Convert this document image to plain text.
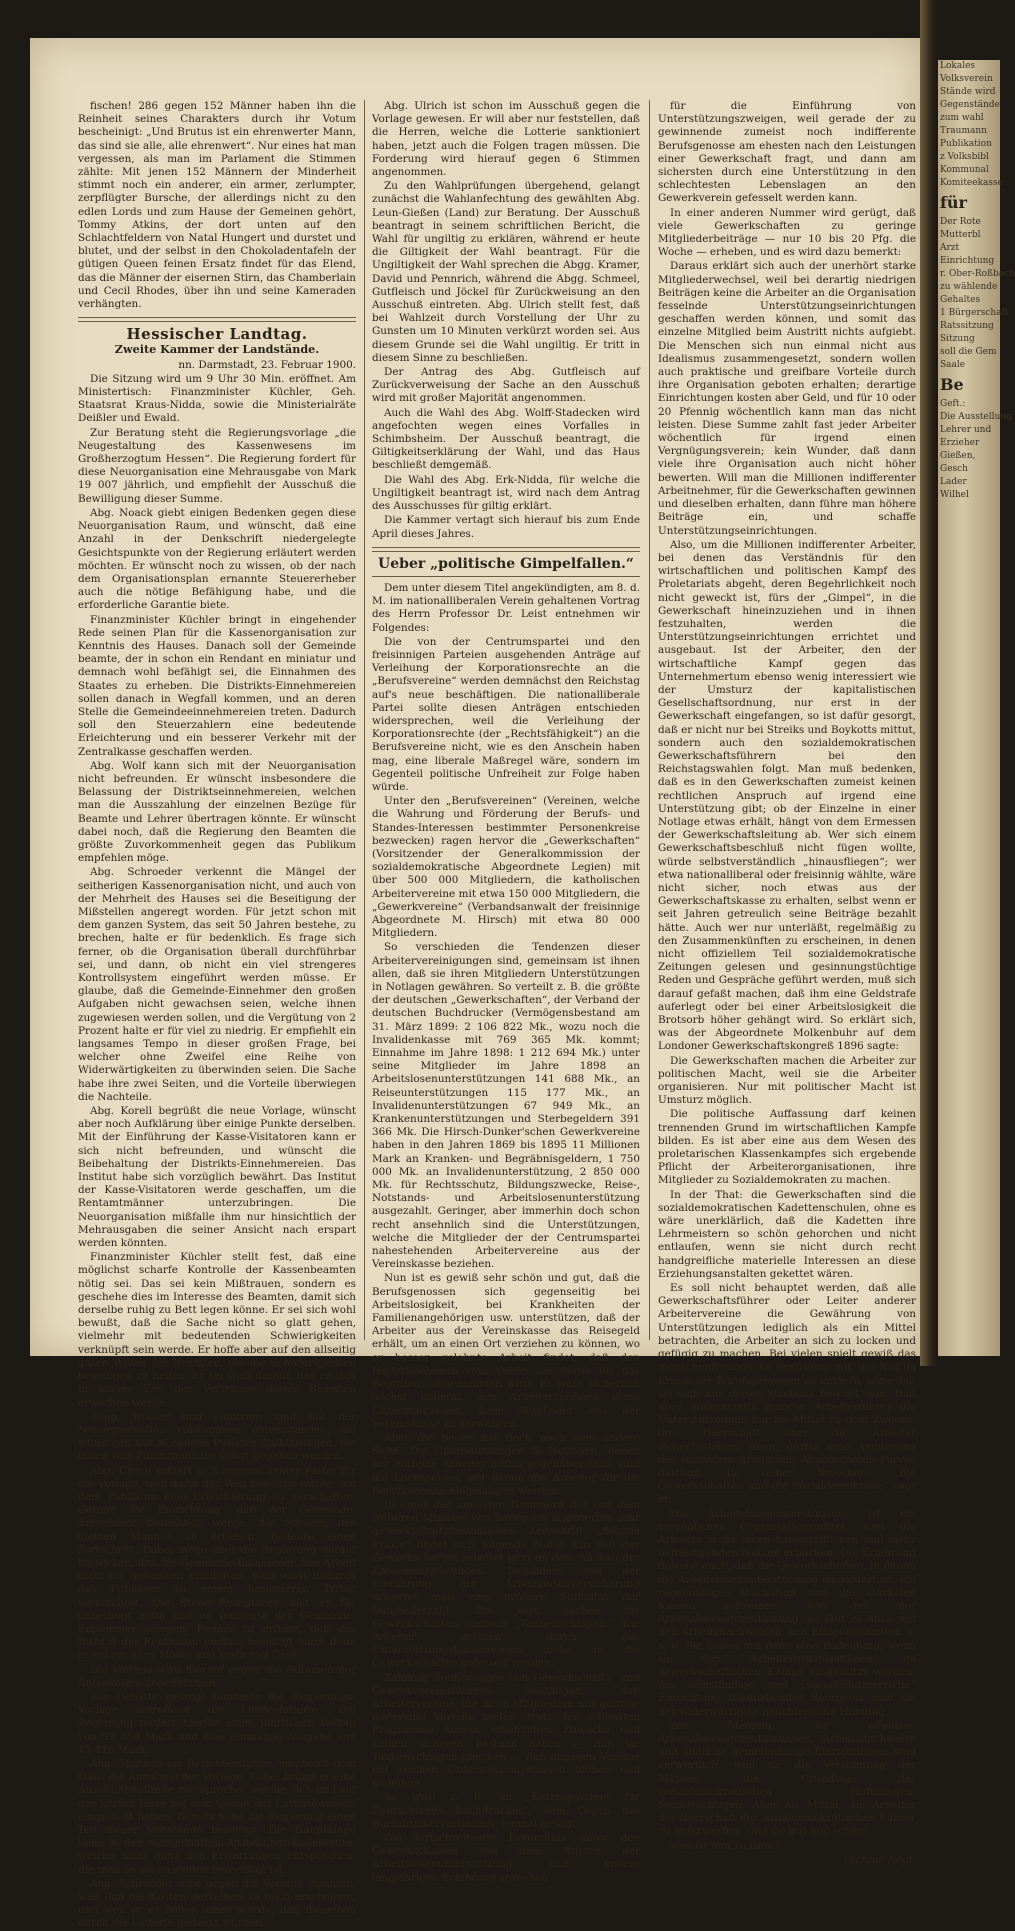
Lokales
Volksverein
Stände wird
Gegenstände
zum wahl
Traumann
Publikation
z Volksbibl
Kommunal
Komiteekasse
für
Der Rote
Mutterbl
Arzt
Einrichtung
r. Ober-Roßbach
zu wählende
Gehaltes
1 Bürgerschaft
Ratssitzung
Sitzung
soll die Gem
Saale
Be
Geft.:
Die Ausstellung
Lehrer und
Erzieher
Gießen,
Gesch
Lader
Wilhel

fischen! 286 gegen 152 Männer haben ihn die Reinheit seines Charakters durch ihr Votum bescheinigt: „Und Brutus ist ein ehrenwerter Mann, das sind sie alle, alle ehrenwert“. Nur eines hat man vergessen, als man im Parlament die Stimmen zählte: Mit jenen 152 Männern der Minderheit stimmt noch ein anderer, ein armer, zerlumpter, zerpflügter Bursche, der allerdings nicht zu den edlen Lords und zum Hause der Gemeinen gehört, Tommy Atkins, der dort unten auf den Schlachtfeldern von Natal Hungert und durstet und blutet, und der selbst in den Chokoladentafeln der gütigen Queen feinen Ersatz findet für das Elend, das die Männer der eisernen Stirn, das Chamberlain und Cecil Rhodes, über ihn und seine Kameraden verhängten.

Hessischer Landtag.
Zweite Kammer der Landstände.

nn. Darmstadt, 23. Februar 1900.

Die Sitzung wird um 9 Uhr 30 Min. eröffnet. Am Ministertisch: Finanzminister Küchler, Geh. Staatsrat Kraus-Nidda, sowie die Ministerialräte Deißler und Ewald.

Zur Beratung steht die Regierungsvorlage „die Neugestaltung des Kassenwesens im Großherzogtum Hessen“. Die Regierung fordert für diese Neuorganisation eine Mehrausgabe von Mark 19 007 jährlich, und empfiehlt der Ausschuß die Bewilligung dieser Summe.

Abg. Noack giebt einigen Bedenken gegen diese Neuorganisation Raum, und wünscht, daß eine Anzahl in der Denkschrift niedergelegte Gesichtspunkte von der Regierung erläutert werden möchten. Er wünscht noch zu wissen, ob der nach dem Organisationsplan ernannte Steuererheber auch die nötige Befähigung habe, und die erforderliche Garantie biete.

Finanzminister Küchler bringt in eingehender Rede seinen Plan für die Kassenorganisation zur Kenntnis des Hauses. Danach soll der Gemeinde beamte, der in schon ein Rendant en miniatur und demnach wohl befähigt sei, die Einnahmen des Staates zu erheben. Die Distrikts-Einnehmereien sollen danach in Wegfall kommen, und an deren Stelle die Gemeindeeinnehmereien treten. Dadurch soll den Steuerzahlern eine bedeutende Erleichterung und ein besserer Verkehr mit der Zentralkasse geschaffen werden.

Abg. Wolf kann sich mit der Neuorganisation nicht befreunden. Er wünscht insbesondere die Belassung der Distriktseinnehmereien, welchen man die Ausszahlung der einzelnen Bezüge für Beamte und Lehrer übertragen könnte. Er wünscht dabei noch, daß die Regierung den Beamten die größte Zuvorkommenheit gegen das Publikum empfehlen möge.

Abg. Schroeder verkennt die Mängel der seitherigen Kassenorganisation nicht, und auch von der Mehrheit des Hauses sei die Beseitigung der Mißstellen angeregt worden. Für jetzt schon mit dem ganzen System, das seit 50 Jahren bestehe, zu brechen, halte er für bedenklich. Es frage sich ferner, ob die Organisation überall durchführbar sei, und dann, ob nicht ein viel strengeres Kontrollsystem eingeführt werden müsse. Er glaube, daß die Gemeinde-Einnehmer den großen Aufgaben nicht gewachsen seien, welche ihnen zugewiesen werden sollen, und die Vergütung von 2 Prozent halte er für viel zu niedrig. Er empfiehlt ein langsames Tempo in dieser großen Frage, bei welcher ohne Zweifel eine Reihe von Widerwärtigkeiten zu überwinden seien. Die Sache habe ihre zwei Seiten, und die Vorteile überwiegen die Nachteile.

Abg. Korell begrüßt die neue Vorlage, wünscht aber noch Aufklärung über einige Punkte derselben. Mit der Einführung der Kasse-Visitatoren kann er sich nicht befreunden, und wünscht die Beibehaltung der Distrikts-Einnehmereien. Das Institut habe sich vorzüglich bewährt. Das Institut der Kasse-Visitatoren werde geschaffen, um die Rentamtmänner unterzubringen. Die Neuorganisation mißfalle ihm nur hinsichtlich der Mehrausgaben die seiner Ansicht nach erspart werden könnten.

Finanzminister Küchler stellt fest, daß eine möglichst scharfe Kontrolle der Kassenbeamten nötig sei. Das sei kein Mißtrauen, sondern es geschehe dies im Interesse des Beamten, damit sich derselbe ruhig zu Bett legen könne. Er sei sich wohl bewußt, daß die Sache nicht so glatt gehen, vielmehr mit bedeutenden Schwierigkeiten verknüpft sein werde. Er hoffe aber auf den allseitig guten Willen der Beamten, um die Schwierigkeiten beseitigen zu helfen. Er sei stolz darauf, daß er sich in kurzer Zeit das Vertrauen dieser Beamten erworben werde.

Abgg. Brauer und Guntrum sind mit der Neuorganisation vollkommen einverstanden, sie wünschen nur in einigen Punkten Aufklärungen, die ihnen vom Finanzminister sofort gegeben werden.

Abg. Ulrich erklärt sich namens seiner Partei für die Vorlage, weil darin der Weg betreten werde, um dem Publikum eine Erleichterung zu verschaffen. Gerade die Einrichtung, daß der Gemeinde-Einnehmer berechtigt werde, die Steuern des kleinen Mannes zu erheben, bedeute einen Fortschritt. Dabei möge aber die Regierung darauf hinwirken, daß die Gemeinde-Einnehmer ihre Arbeit nicht im Nebenamt erledigten, weil sonst dadurch das Publikum zu einem besonderen Tribut verpflichtet. Die Steuer-Rezeptoren hält er für unbedingt nötig und im Interesse der Gemeinde-Einnehmer gelegen. Redner ist erfreut, daß das Institut der Rentämter endlich beseitigt wird; denn es sei ein altes Möbel und koste viel Geld.

Die Vorlage wird hierauf gegen die Stimmen der Antisemiten angenommen.

Zur Debatte gelangt nunmehr die Regierungs-Vorlage betreffend die Landeslotterie. Die Regierung fordert hierfür einen jährlichen Betrag von 92 850 Mark und eine einmalige Ausgabe von 15 416 Mark.

Abg. Molthan als Berichterstatter, empfiehlt dem Haus die Annahme der Vorlage. Dabei bringt er eine Anzahl Mißstände zur Sprache, welche sich im Lauf der letzten Jahre bei dem Gebiet des Lotteriewesens eingestellt haben. Bereits habe die Regierung einen Teil dieser Mißstände beseitigt. Die Hauptklage liege in den mangelhaften Anstellungs-Kollekteure, welche nicht ganz den Erwartungen entsprechen, die man an sie zu stellen berechtigt ist.

Abg. Schroeder wird gegen die Vorlage stimmen, weil ihm die Kosten derselben zu hoch erscheinen, und weil er es lieber sehen würde, daß dieselben durch die Lotterie gedeckt würden.

Abg. Ulrich ist schon im Ausschuß gegen die Vorlage gewesen. Er will aber nur feststellen, daß die Herren, welche die Lotterie sanktioniert haben, jetzt auch die Folgen tragen müssen. Die Forderung wird hierauf gegen 6 Stimmen angenommen.

Zu den Wahlprüfungen übergehend, gelangt zunächst die Wahlanfechtung des gewählten Abg. Leun-Gießen (Land) zur Beratung. Der Ausschuß beantragt in seinem schriftlichen Bericht, die Wahl für ungiltig zu erklären, während er heute die Giltigkeit der Wahl beantragt. Für die Ungiltigkeit der Wahl sprechen die Abgg. Kramer, David und Pennrich, während die Abgg. Schmeel, Gutfleisch und Jöckel für Zurückweisung an den Ausschuß eintreten. Abg. Ulrich stellt fest, daß bei Wahlzeit durch Vorstellung der Uhr zu Gunsten um 10 Minuten verkürzt worden sei. Aus diesem Grunde sei die Wahl ungiltig. Er tritt in diesem Sinne zu beschließen.

Der Antrag des Abg. Gutfleisch auf Zurückverweisung der Sache an den Ausschuß wird mit großer Majorität angenommen.

Auch die Wahl des Abg. Wolff-Stadecken wird angefochten wegen eines Vorfalles in Schimbsheim. Der Ausschuß beantragt, die Giltigkeitserklärung der Wahl, und das Haus beschließt demgemäß.

Die Wahl des Abg. Erk-Nidda, für welche die Ungiltigkeit beantragt ist, wird nach dem Antrag des Ausschusses für giltig erklärt.

Die Kammer vertagt sich hierauf bis zum Ende April dieses Jahres.

Ueber „politische Gimpelfallen.“

Dem unter diesem Titel angekündigten, am 8. d. M. im nationalliberalen Verein gehaltenen Vortrag des Herrn Professor Dr. Leist entnehmen wir Folgendes:

Die von der Centrumspartei und den freisinnigen Parteien ausgehenden Anträge auf Verleihung der Korporationsrechte an die „Berufsvereine“ werden demnächst den Reichstag auf's neue beschäftigen. Die nationalliberale Partei sollte diesen Anträgen entschieden widersprechen, weil die Verleihung der Korporationsrechte (der „Rechtsfähigkeit“) an die Berufsvereine nicht, wie es den Anschein haben mag, eine liberale Maßregel wäre, sondern im Gegenteil politische Unfreiheit zur Folge haben würde.

Unter den „Berufsvereinen“ (Vereinen, welche die Wahrung und Förderung der Berufs- und Standes-Interessen bestimmter Personenkreise bezwecken) ragen hervor die „Gewerkschaften“ (Vorsitzender der Generalkommission der sozialdemokratische Abgeordnete Legien) mit über 500 000 Mitgliedern, die katholischen Arbeitervereine mit etwa 150 000 Mitgliedern, die „Gewerkvereine“ (Verbandsanwalt der freisinnige Abgeordnete M. Hirsch) mit etwa 80 000 Mitgliedern.

So verschieden die Tendenzen dieser Arbeitervereinigungen sind, gemeinsam ist ihnen allen, daß sie ihren Mitgliedern Unterstützungen in Notlagen gewähren. So verteilt z. B. die größte der deutschen „Gewerkschaften“, der Verband der deutschen Buchdrucker (Vermögensbestand am 31. März 1899: 2 106 822 Mk., wozu noch die Invalidenkasse mit 769 365 Mk. kommt; Einnahme im Jahre 1898: 1 212 694 Mk.) unter seine Mitglieder im Jahre 1898 an Arbeitslosenunterstützungen 141 688 Mk., an Reiseunterstützungen 115 177 Mk., an Invalidenunterstützungen 67 949 Mk., an Krankenunterstützungen und Sterbegeldern 391 366 Mk. Die Hirsch-Dunker'schen Gewerkvereine haben in den Jahren 1869 bis 1895 11 Millionen Mark an Kranken- und Begräbnisgeldern, 1 750 000 Mk. an Invalidenunterstützung, 2 850 000 Mk. für Rechtsschutz, Bildungszwecke, Reise-, Notstands- und Arbeitslosenunterstützung ausgezahlt. Geringer, aber immerhin doch schon recht ansehnlich sind die Unterstützungen, welche die Mitglieder der der Centrumspartei nahestehenden Arbeitervereine aus der Vereinskasse beziehen.

Nun ist es gewiß sehr schön und gut, daß die Berufsgenossen sich gegenseitig bei Arbeitslosigkeit, bei Krankheiten der Familienangehörigen usw. unterstützen, daß der Arbeiter aus der Vereinskasse das Reisegeld erhält, um an einen Ort verziehen zu können, wo er besser gelohnte Arbeit findet, daß den Hinterbliebenen vom Verein die Sorge für das Begräbnis abgenommen wird. Es wäre sicherlich höchst illiberal, den Arbeitervereinen diese Unterstützungen ihrer Mitglieder aus der Vereinskasse zu verwehren.

Aber die Sache hat doch noch eine andere Seite. Die Unterstützungen in Notlagen, denen der einzelne Arbeiter hilflos gegenübersteht, sind die Lockspeisen, mit denen die Arbeiter für die Berufsvereine eingefangen werden.

In einer der neuesten Nummern der von dem früheren Minister von Berlepsch inspirierten sehr gewerkschaftsfreundlichen Zeitschrift „Soziale Praxis“ findet sich folgende Notiz: Ein Teil der Gewerkschaften arbeitet jetzt an dem Ausbau der Kasseneinrichtungen. Besonders von der Einführung der Arbeitslosenversicherung erwartet man eine größere Stabilität der Mitgliederzahl. Bis jetzt glichen die Gewerkschaften vielfach „Taubenschlägen.“ Die Arbeiter müßten durch das Unterstützungskassenwesen mehr an die Gewerkschaften gefesselt werden.

Zahllose Aeußerungen von Gewerkschafts- und Gewerkvereinsführern bestätigen, daß Arbeitervereine, die ihren Mitgliedern nur geringe materielle Vorteile bieten, trotz der schönsten Programme keinen erheblichen Zuwachs und keinen sicheren Bestand haben — daß sie Taubenschlägen gleichen — daß dagegen Vereine mit reichen Unterstützungskassen blühen und gedeihen.

So wird z. B. im „Korrespondent für Deutschlands Buchdrucker“, dem Organ des Buchdruckerverbandes, einmal gesagt:

Die fortschreitende Erkenntnis unter den Gewerkschaften von dem Nutzen der Arbeitslosenunterstützung und unsere langjährigen Erfahrung sprechen

für die Einführung von Unterstützungszweigen, weil gerade der zu gewinnende zumeist noch indifferente Berufsgenosse am ehesten nach den Leistungen einer Gewerkschaft fragt, und dann am sichersten durch eine Unterstützung in den schlechtesten Lebenslagen an den Gewerkverein gefesselt werden kann.

In einer anderen Nummer wird gerügt, daß viele Gewerkschaften zu geringe Mitgliederbeiträge — nur 10 bis 20 Pfg. die Woche — erheben, und es wird dazu bemerkt:

Daraus erklärt sich auch der unerhört starke Mitgliederwechsel, weil bei derartig niedrigen Beiträgen keine die Arbeiter an die Organisation fesselnde Unterstützungseinrichtungen geschaffen werden können, und somit das einzelne Mitglied beim Austritt nichts aufgiebt. Die Menschen sich nun einmal nicht aus Idealismus zusammengesetzt, sondern wollen auch praktische und greifbare Vorteile durch ihre Organisation geboten erhalten; derartige Einrichtungen kosten aber Geld, und für 10 oder 20 Pfennig wöchentlich kann man das nicht leisten. Diese Summe zahlt fast jeder Arbeiter wöchentlich für irgend einen Vergnügungsverein; kein Wunder, daß dann viele ihre Organisation auch nicht höher bewerten. Will man die Millionen indifferenter Arbeitnehmer, für die Gewerkschaften gewinnen und dieselben erhalten, dann führe man höhere Beiträge ein, und schaffe Unterstützungseinrichtungen.

Also, um die Millionen indifferenter Arbeiter, bei denen das Verständnis für den wirtschaftlichen und politischen Kampf des Proletariats abgeht, deren Begehrlichkeit noch nicht geweckt ist, fürs der „Gimpel“, in die Gewerkschaft hineinzuziehen und in ihnen festzuhalten, werden die Unterstützungseinrichtungen errichtet und ausgebaut. Ist der Arbeiter, den der wirtschaftliche Kampf gegen das Unternehmertum ebenso wenig interessiert wie der Umsturz der kapitalistischen Gesellschaftsordnung, nur erst in der Gewerkschaft eingefangen, so ist dafür gesorgt, daß er nicht nur bei Streiks und Boykotts mittut, sondern auch den sozialdemokratischen Gewerkschaftsführern bei den Reichstagswahlen folgt. Man muß bedenken, daß es in den Gewerkschaften zumeist keinen rechtlichen Anspruch auf irgend eine Unterstützung gibt; ob der Einzelne in einer Notlage etwas erhält, hängt von dem Ermessen der Gewerkschaftsleitung ab. Wer sich einem Gewerkschaftsbeschluß nicht fügen wollte, würde selbstverständlich „hinausfliegen“; wer etwa nationalliberal oder freisinnig wählte, wäre nicht sicher, noch etwas aus der Gewerkschaftskasse zu erhalten, selbst wenn er seit Jahren getreulich seine Beiträge bezahlt hätte. Auch wer nur unterläßt, regelmäßig zu den Zusammenkünften zu erscheinen, in denen nicht offiziellem Teil sozialdemokratische Zeitungen gelesen und gesinnungstüchtige Reden und Gespräche geführt werden, muß sich darauf gefaßt machen, daß ihm eine Geldstrafe auferlegt oder bei einer Arbeitslosigkeit die Brotsorb höher gehängt wird. So erklärt sich, was der Abgeordnete Molkenbuhr auf dem Londoner Gewerkschaftskongreß 1896 sagte:

Die Gewerkschaften machen die Arbeiter zur politischen Macht, weil sie die Arbeiter organisieren. Nur mit politischer Macht ist Umsturz möglich.

Die politische Auffassung darf keinen trennenden Grund im wirtschaftlichen Kampfe bilden. Es ist aber eine aus dem Wesen des proletarischen Klassenkampfes sich ergebende Pflicht der Arbeiterorganisationen, ihre Mitglieder zu Sozialdemokraten zu machen.

In der That: die Gewerkschaften sind die sozialdemokratischen Kadettenschulen, ohne es wäre unerklärlich, daß die Kadetten ihre Lehrmeistern so schön gehorchen und nicht entlaufen, wenn sie nicht durch recht handgreifliche materielle Interessen an diese Erziehungsanstalten gekettet wären.

Es soll nicht behauptet werden, daß alle Gewerkschaftsführer oder Leiter anderer Arbeitervereine die Gewährung von Unterstützungen lediglich als ein Mittel betrachten, die Arbeiter an sich zu locken und gefügig zu machen. Bei vielen spielt gewiß das menschenfreundliche Bestreben mit, die Not im Kreise der Berufsgenossen zu mildern, ohne daß sie sich nur dieses Strebens bewußt sein. Daß aber andererseits manche Arbeiterführer die Unterstützungen nur als Mittel zu dem Zwecke, ihre Herrschaft über die Arbeiter sicherzustellen, üben, dürfte eine Aeußerung des sozialdemokratischen Abgeordneten Parvus darthun. In seiner Broschüre „die Gewerkschaften und die Sozialdemokratie“ sagt er:

Die Arbeitslosenunterstützung ist ein vorzügliches Organisationsmittel, weil die Arbeiter in ihr einen handgreiflichen und mehr befriedigenden Nutzen erblicken. Die Erfahrung beweist auch, daß die Gewerkschaften, in denen die Arbeitslosenunterstützung eingeführt ist, ein regelmäßiges Wachstum und die stärksten Kassen aufweisen. Wie mit der Arbeitslosenunterstützung, so fällt es auch mit den Arbeitsnachweisen, den Einigungsämtern u. s. w. Sie haben nur dann eine Bedeutung, wenn sie von Arbeiterorganisationen im gewerkschaftlichen Kampf ausgenutzt werden. Als selbständige und „sozialreformerische“ Einrichtung friedliebender Bourgeois sind sie der widerwärtigste heuchlerische Humbug.

Die Meinung ist offenbar: Arbeitslosenunterstützungen, Arbeitsnachweise und ähnliche gemeinnützige Einrichtungen sind verwerflich, weil sie die Versöhnung der Massen, die Grundlage der sozialdemokratischen Hoffnungen, beeinträchtigen. Aber als Mittel, die Arbeiter der Herrschaft der sozialdemokratischen Führer zu unterwerfen, sind sie gut und schön!

Was ist nun zu thun?

(Schluß folgt.
